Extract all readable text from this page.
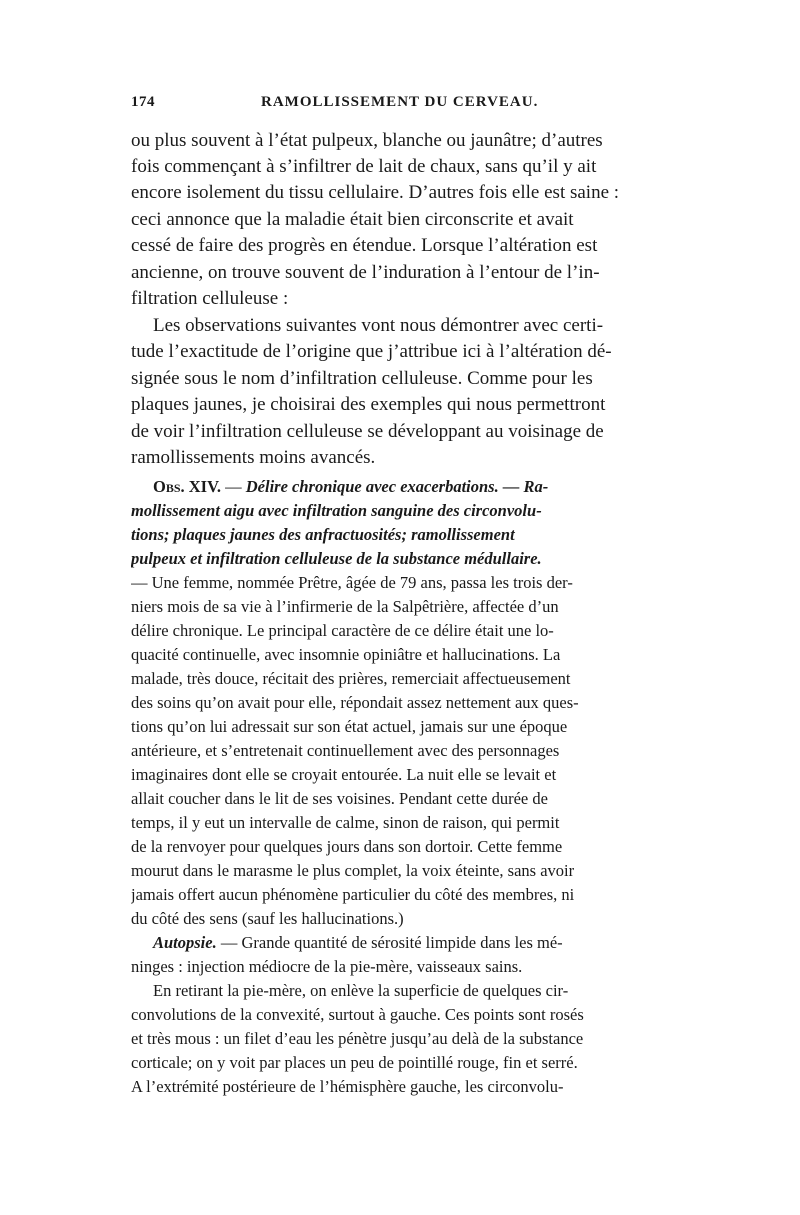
174	RAMOLLISSEMENT DU CERVEAU.
ou plus souvent à l’état pulpeux, blanche ou jaunâtre; d’autres
fois commençant à s’infiltrer de lait de chaux, sans qu’il y ait
encore isolement du tissu cellulaire. D’autres fois elle est saine :
ceci annonce que la maladie était bien circonscrite et avait
cessé de faire des progrès en étendue. Lorsque l’altération est
ancienne, on trouve souvent de l’induration à l’entour de l’in-
filtration celluleuse :
Les observations suivantes vont nous démontrer avec certi-
tude l’exactitude de l’origine que j’attribue ici à l’altération dé-
signée sous le nom d’infiltration celluleuse. Comme pour les
plaques jaunes, je choisirai des exemples qui nous permettront
de voir l’infiltration celluleuse se développant au voisinage de
ramollissements moins avancés.
Obs. XIV. — Délire chronique avec exacerbations. — Ra-
mollissement aigu avec infiltration sanguine des circonvolu-
tions; plaques jaunes des anfractuosités; ramollissement
pulpeux et infiltration celluleuse de la substance médullaire.
— Une femme, nommée Prêtre, âgée de 79 ans, passa les trois der-
niers mois de sa vie à l’infirmerie de la Salpêtrière, affectée d’un
délire chronique. Le principal caractère de ce délire était une lo-
quacité continuelle, avec insomnie opiniâtre et hallucinations. La
malade, très douce, récitait des prières, remerciait affectueusement
des soins qu’on avait pour elle, répondait assez nettement aux ques-
tions qu’on lui adressait sur son état actuel, jamais sur une époque
antérieure, et s’entretenait continuellement avec des personnages
imaginaires dont elle se croyait entourée. La nuit elle se levait et
allait coucher dans le lit de ses voisines. Pendant cette durée de
temps, il y eut un intervalle de calme, sinon de raison, qui permit
de la renvoyer pour quelques jours dans son dortoir. Cette femme
mourut dans le marasme le plus complet, la voix éteinte, sans avoir
jamais offert aucun phénomène particulier du côté des membres, ni
du côté des sens (sauf les hallucinations.)
Autopsie. — Grande quantité de sérosité limpide dans les mé-
ninges : injection médiocre de la pie-mère, vaisseaux sains.
En retirant la pie-mère, on enlève la superficie de quelques cir-
convolutions de la convexité, surtout à gauche. Ces points sont rosés
et très mous : un filet d’eau les pénètre jusqu’au delà de la substance
corticale; on y voit par places un peu de pointillé rouge, fin et serré.
A l’extrémité postérieure de l’hémisphère gauche, les circonvolu-
